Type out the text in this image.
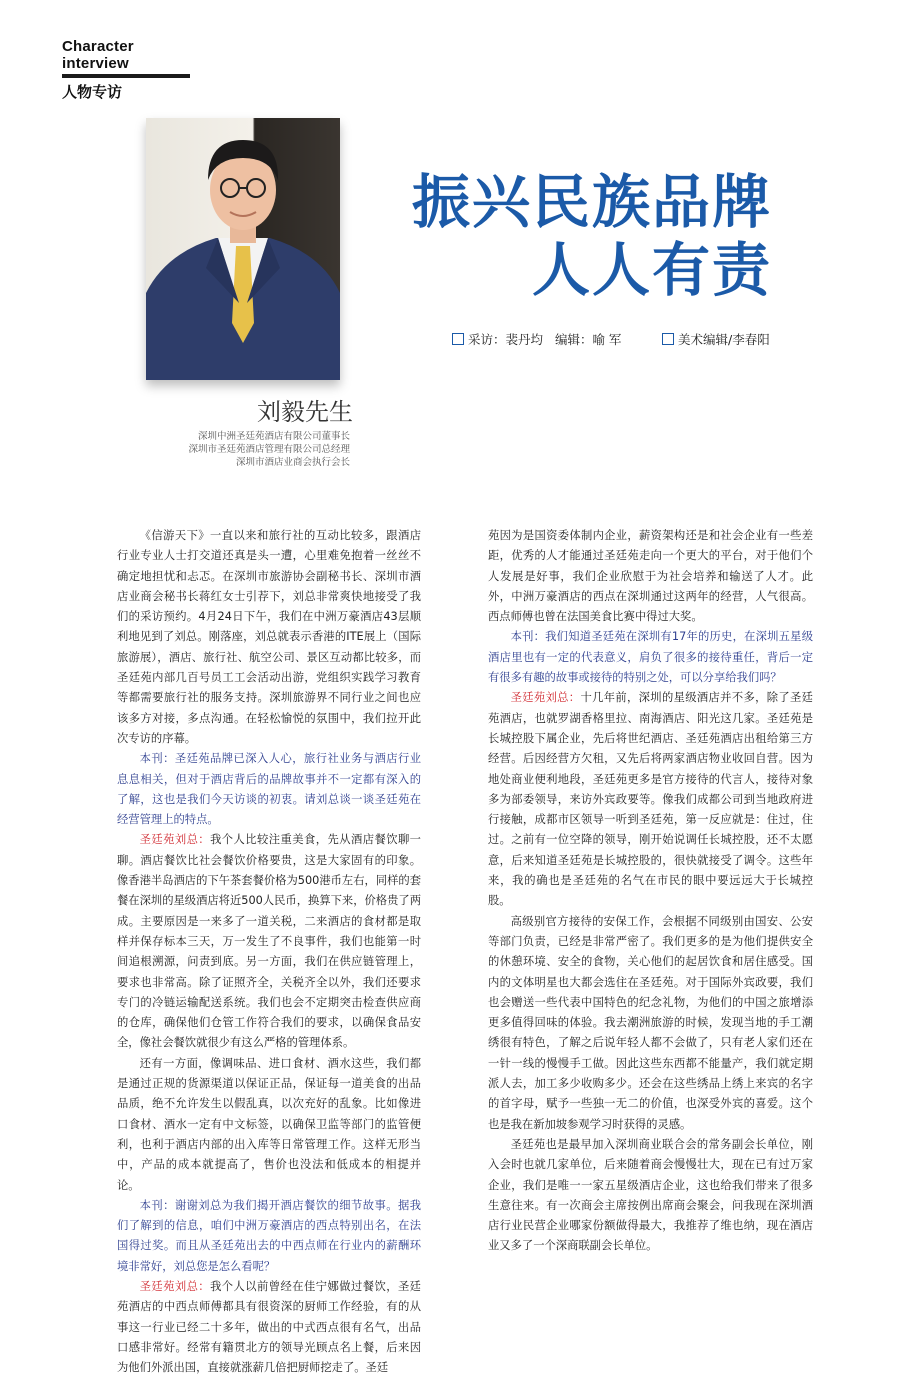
Character interview
人物专访
刘毅先生
深圳中洲圣廷苑酒店有限公司董事长
深圳市圣廷苑酒店管理有限公司总经理
深圳市酒店业商会执行会长
振兴民族品牌
人人有责
采访：裴丹均 编辑：喻 军	美术编辑/李春阳

《信游天下》一直以来和旅行社的互动比较多，跟酒店行业专业人士打交道还真是头一遭，心里难免抱着一丝丝不确定地担忧和忐忑。在深圳市旅游协会副秘书长、深圳市酒店业商会秘书长蒋红女士引荐下，刘总非常爽快地接受了我们的采访预约。4月24日下午，我们在中洲万豪酒店43层顺利地见到了刘总。刚落座，刘总就表示香港的ITE展上（国际旅游展），酒店、旅行社、航空公司、景区互动都比较多，而圣廷苑内部几百号员工工会活动出游，党组织实践学习教育等都需要旅行社的服务支持。深圳旅游界不同行业之间也应该多方对接，多点沟通。在轻松愉悦的氛围中，我们拉开此次专访的序幕。

本刊：圣廷苑品牌已深入人心，旅行社业务与酒店行业息息相关，但对于酒店背后的品牌故事并不一定都有深入的了解，这也是我们今天访谈的初衷。请刘总谈一谈圣廷苑在经营管理上的特点。

圣廷苑刘总：我个人比较注重美食，先从酒店餐饮聊一聊。酒店餐饮比社会餐饮价格要贵，这是大家固有的印象。像香港半岛酒店的下午茶套餐价格为500港币左右，同样的套餐在深圳的星级酒店将近500人民币，换算下来，价格贵了两成。主要原因是一来多了一道关税，二来酒店的食材都是取样并保存标本三天，万一发生了不良事件，我们也能第一时间追根溯源，问责到底。另一方面，我们在供应链管理上，要求也非常高。除了证照齐全，关税齐全以外，我们还要求专门的冷链运输配送系统。我们也会不定期突击检查供应商的仓库，确保他们仓管工作符合我们的要求，以确保食品安全，像社会餐饮就很少有这么严格的管理体系。

还有一方面，像调味品、进口食材、酒水这些，我们都是通过正规的货源渠道以保证正品，保证每一道美食的出品品质，绝不允许发生以假乱真，以次充好的乱象。比如像进口食材、酒水一定有中文标签，以确保卫监等部门的监管便利，也利于酒店内部的出入库等日常管理工作。这样无形当中，产品的成本就提高了，售价也没法和低成本的相提并论。

本刊：谢谢刘总为我们揭开酒店餐饮的细节故事。据我们了解到的信息，咱们中洲万豪酒店的西点特别出名，在法国得过奖。而且从圣廷苑出去的中西点师在行业内的薪酬环境非常好，刘总您是怎么看呢？

圣廷苑刘总：我个人以前曾经在佳宁娜做过餐饮，圣廷苑酒店的中西点师傅都具有很资深的厨师工作经验，有的从事这一行业已经二十多年，做出的中式西点很有名气，出品口感非常好。经常有籍贯北方的领导光顾点名上餐，后来因为他们外派出国，直接就涨薪几倍把厨师挖走了。圣廷

苑因为是国资委体制内企业，薪资架构还是和社会企业有一些差距，优秀的人才能通过圣廷苑走向一个更大的平台，对于他们个人发展是好事，我们企业欣慰于为社会培养和输送了人才。此外，中洲万豪酒店的西点在深圳通过这两年的经营，人气很高。西点师傅也曾在法国美食比赛中得过大奖。

本刊：我们知道圣廷苑在深圳有17年的历史，在深圳五星级酒店里也有一定的代表意义，肩负了很多的接待重任，背后一定有很多有趣的故事或接待的特别之处，可以分享给我们吗？

圣廷苑刘总：十几年前，深圳的星级酒店并不多，除了圣廷苑酒店，也就罗湖香格里拉、南海酒店、阳光这几家。圣廷苑是长城控股下属企业，先后将世纪酒店、圣廷苑酒店出租给第三方经营。后因经营方欠租，又先后将两家酒店物业收回自营。因为地处商业便利地段，圣廷苑更多是官方接待的代言人，接待对象多为部委领导，来访外宾政要等。像我们成都公司到当地政府进行接触，成都市区领导一听到圣廷苑，第一反应就是：住过，住过。之前有一位空降的领导，刚开始说调任长城控股，还不太愿意，后来知道圣廷苑是长城控股的，很快就接受了调令。这些年来，我的确也是圣廷苑的名气在市民的眼中要远远大于长城控股。

高级别官方接待的安保工作，会根据不同级别由国安、公安等部门负责，已经是非常严密了。我们更多的是为他们提供安全的休憩环境、安全的食物，关心他们的起居饮食和居住感受。国内的文体明星也大都会选住在圣廷苑。对于国际外宾政要，我们也会赠送一些代表中国特色的纪念礼物，为他们的中国之旅增添更多值得回味的体验。我去潮洲旅游的时候，发现当地的手工潮绣很有特色，了解之后说年轻人都不会做了，只有老人家们还在一针一线的慢慢手工做。因此这些东西都不能量产，我们就定期派人去，加工多少收购多少。还会在这些绣品上绣上来宾的名字的首字母，赋予一些独一无二的价值，也深受外宾的喜爱。这个也是我在新加坡参观学习时获得的灵感。

圣廷苑也是最早加入深圳商业联合会的常务副会长单位，刚入会时也就几家单位，后来随着商会慢慢壮大，现在已有过万家企业，我们是唯一一家五星级酒店企业，这也给我们带来了很多生意往来。有一次商会主席按例出席商会聚会，问我现在深圳酒店行业民营企业哪家份额做得最大，我推荐了维也纳，现在酒店业又多了一个深商联副会长单位。
